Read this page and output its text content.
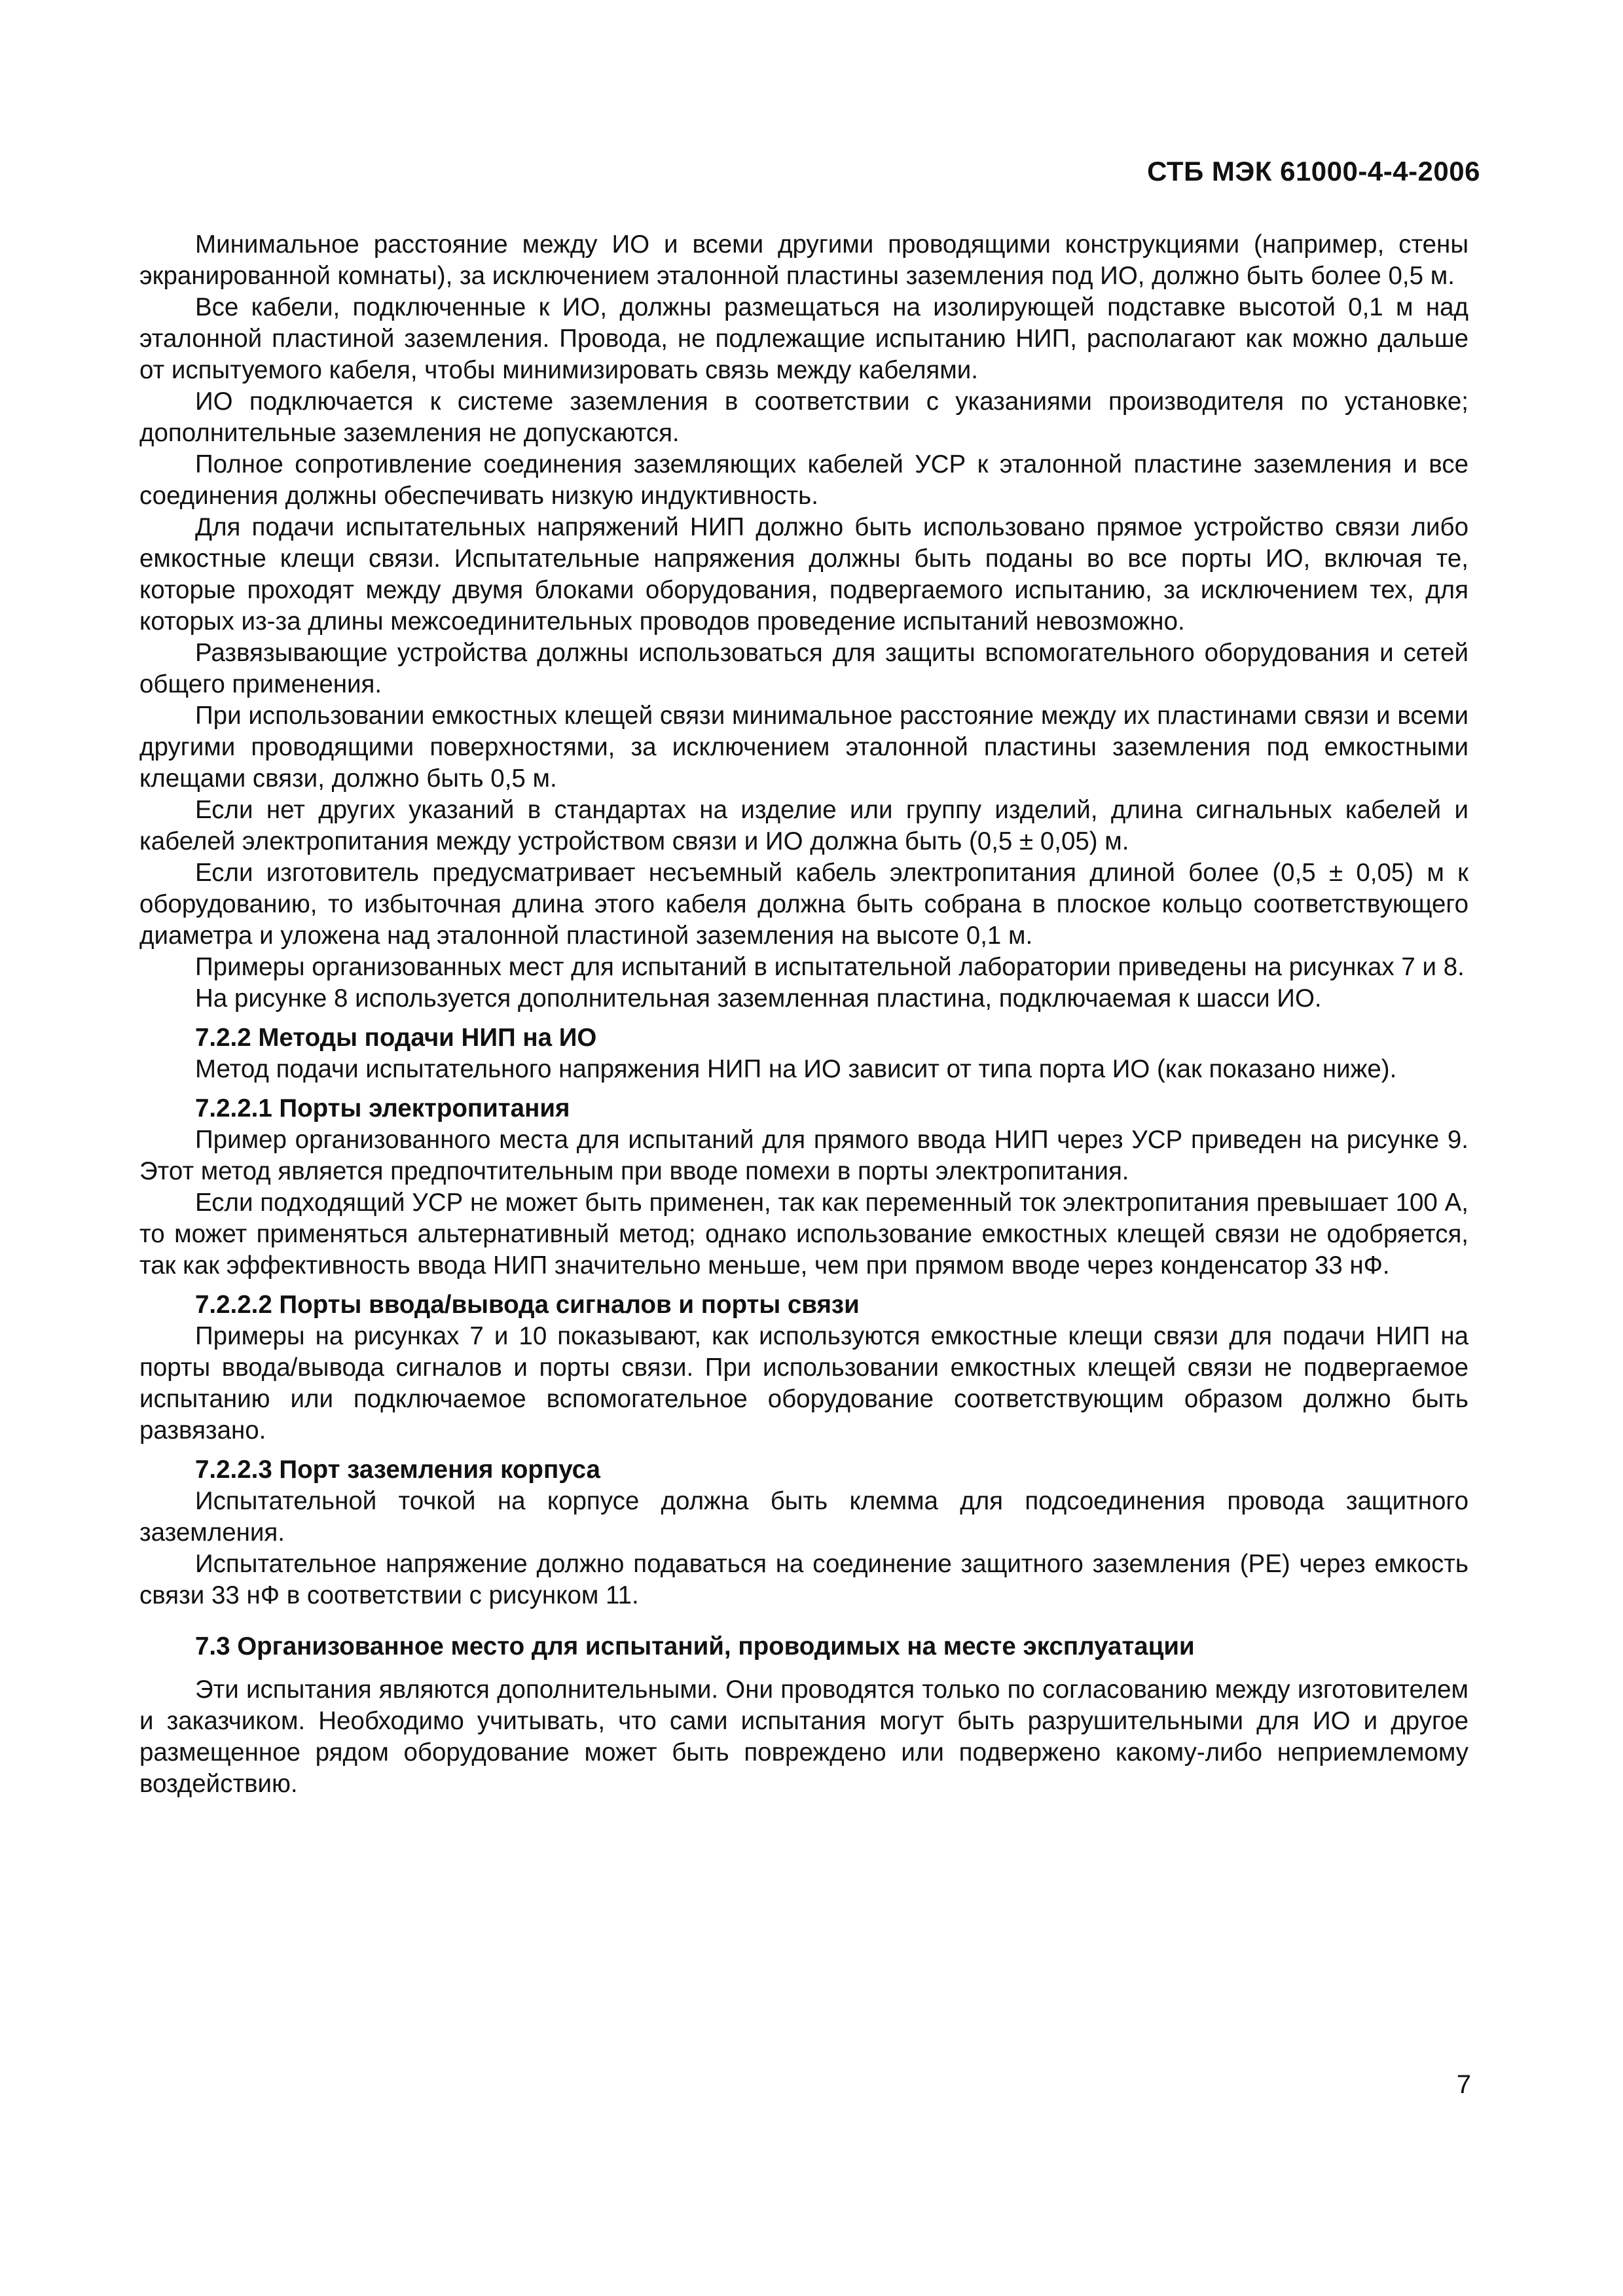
СТБ МЭК 61000-4-4-2006

Минимальное расстояние между ИО и всеми другими проводящими конструкциями (например, стены экранированной комнаты), за исключением эталонной пластины заземления под ИО, должно быть более 0,5 м.

Все кабели, подключенные к ИО, должны размещаться на изолирующей подставке высотой 0,1 м над эталонной пластиной заземления. Провода, не подлежащие испытанию НИП, располагают как можно дальше от испытуемого кабеля, чтобы минимизировать связь между кабелями.

ИО подключается к системе заземления в соответствии с указаниями производителя по установке; дополнительные заземления не допускаются.

Полное сопротивление соединения заземляющих кабелей УСР к эталонной пластине заземления и все соединения должны обеспечивать низкую индуктивность.

Для подачи испытательных напряжений НИП должно быть использовано прямое устройство связи либо емкостные клещи связи. Испытательные напряжения должны быть поданы во все порты ИО, включая те, которые проходят между двумя блоками оборудования, подвергаемого испытанию, за исключением тех, для которых из-за длины межсоединительных проводов проведение испытаний невозможно.

Развязывающие устройства должны использоваться для защиты вспомогательного оборудования и сетей общего применения.

При использовании емкостных клещей связи минимальное расстояние между их пластинами связи и всеми другими проводящими поверхностями, за исключением эталонной пластины заземления под емкостными клещами связи, должно быть 0,5 м.

Если нет других указаний в стандартах на изделие или группу изделий, длина сигнальных кабелей и кабелей электропитания между устройством связи и ИО должна быть (0,5 ± 0,05) м.

Если изготовитель предусматривает несъемный кабель электропитания длиной более (0,5 ± 0,05) м к оборудованию, то избыточная длина этого кабеля должна быть собрана в плоское кольцо соответствующего диаметра и уложена над эталонной пластиной заземления на высоте 0,1 м.

Примеры организованных мест для испытаний в испытательной лаборатории приведены на рисунках 7 и 8.

На рисунке 8 используется дополнительная заземленная пластина, подключаемая к шасси ИО.

7.2.2 Методы подачи НИП на ИО

Метод подачи испытательного напряжения НИП на ИО зависит от типа порта ИО (как показано ниже).

7.2.2.1 Порты электропитания

Пример организованного места для испытаний для прямого ввода НИП через УСР приведен на рисунке 9. Этот метод является предпочтительным при вводе помехи в порты электропитания.

Если подходящий УСР не может быть применен, так как переменный ток электропитания превышает 100 А, то может применяться альтернативный метод; однако использование емкостных клещей связи не одобряется, так как эффективность ввода НИП значительно меньше, чем при прямом вводе через конденсатор 33 нФ.

7.2.2.2 Порты ввода/вывода сигналов и порты связи

Примеры на рисунках 7 и 10 показывают, как используются емкостные клещи связи для подачи НИП на порты ввода/вывода сигналов и порты связи. При использовании емкостных клещей связи не подвергаемое испытанию или подключаемое вспомогательное оборудование соответствующим образом должно быть развязано.

7.2.2.3 Порт заземления корпуса

Испытательной точкой на корпусе должна быть клемма для подсоединения провода защитного заземления.

Испытательное напряжение должно подаваться на соединение защитного заземления (РЕ) через емкость связи 33 нФ в соответствии с рисунком 11.

7.3 Организованное место для испытаний, проводимых на месте эксплуатации

Эти испытания являются дополнительными. Они проводятся только по согласованию между изготовителем и заказчиком. Необходимо учитывать, что сами испытания могут быть разрушительными для ИО и другое размещенное рядом оборудование может быть повреждено или подвержено какому-либо неприемлемому воздействию.

7
